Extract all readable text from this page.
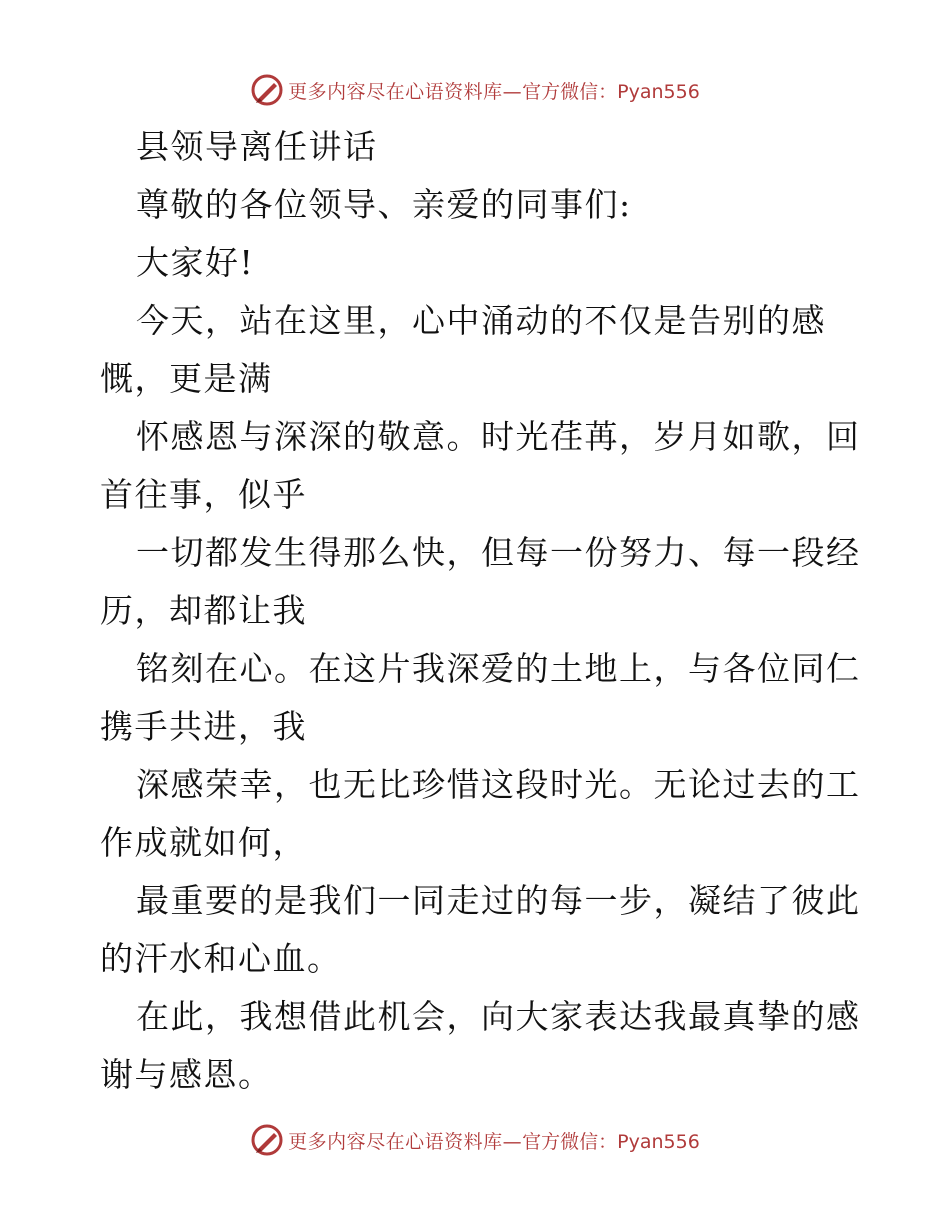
更多内容尽在心语资料库— 官方微信：Pyan556
县领导离任讲话
尊敬的各位领导、亲爱的同事们:
大家好!
今天，站在这里，心中涌动的不仅是告别的感
慨，更是满
怀感恩与深深的敬意。时光荏苒，岁月如歌，回
首往事，似乎
一切都发生得那么快，但每一份努力、每一段经
历，却都让我
铭刻在心。在这片我深爱的土地上，与各位同仁
携手共进，我
深感荣幸，也无比珍惜这段时光。无论过去的工
作成就如何，
最重要的是我们一同走过的每一步，凝结了彼此
的汗水和心血。
在此，我想借此机会，向大家表达我最真挚的感
谢与感恩。
更多内容尽在心语资料库— 官方微信：Pyan556
